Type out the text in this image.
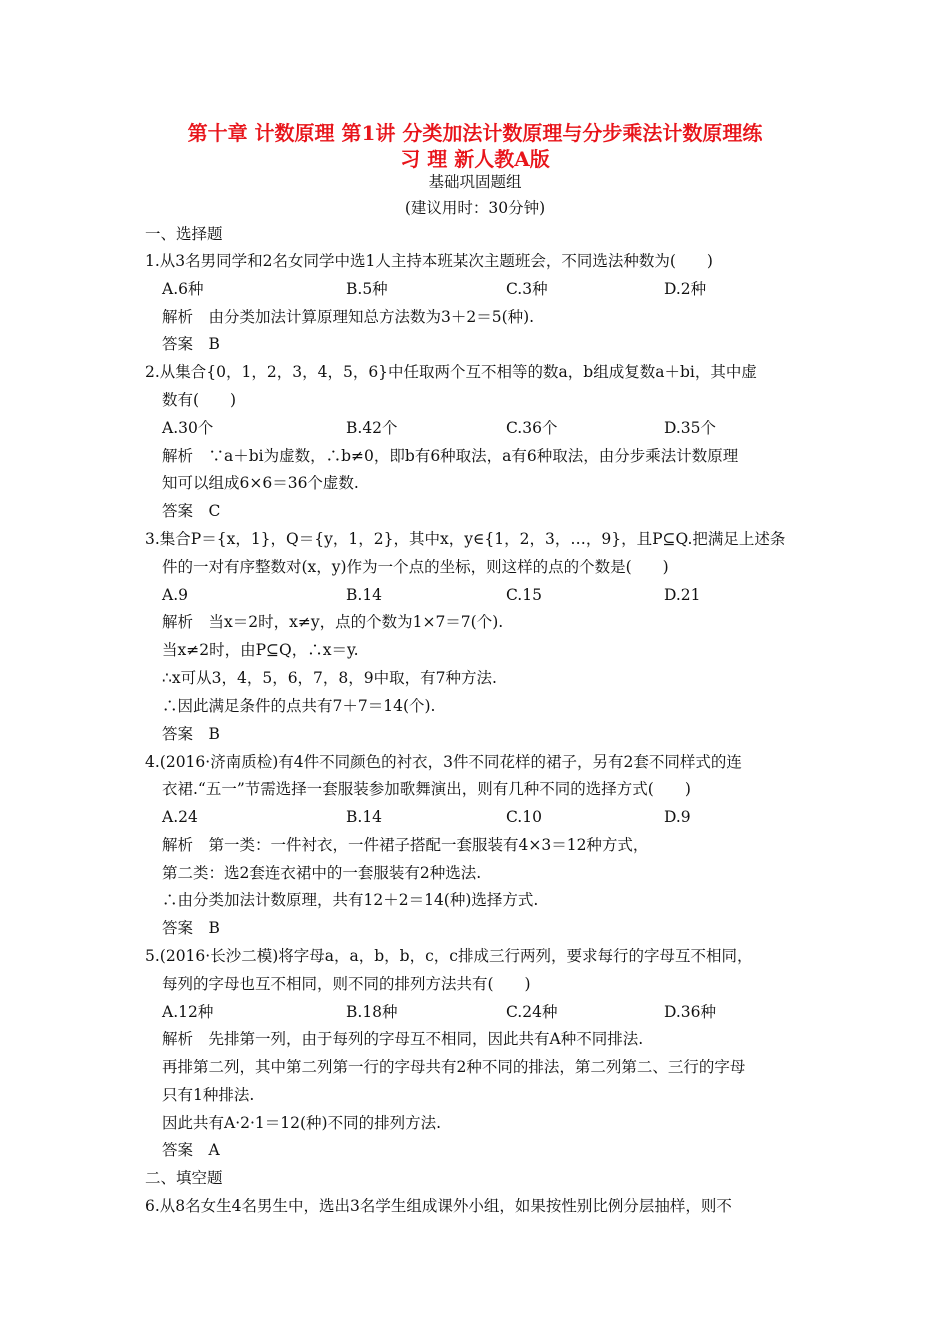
第十章 计数原理 第1讲 分类加法计数原理与分步乘法计数原理练
习 理 新人教A版
基础巩固题组
(建议用时：30分钟)
一、选择题
1.从3名男同学和2名女同学中选1人主持本班某次主题班会，不同选法种数为(　　)
A.6种	B.5种	C.3种	D.2种
解析　由分类加法计算原理知总方法数为3＋2＝5(种).
答案　B
2.从集合{0，1，2，3，4，5，6}中任取两个互不相等的数a，b组成复数a＋bi，其中虚
数有(　　)
A.30个	B.42个	C.36个	D.35个
解析　∵a＋bi为虚数，∴b≠0，即b有6种取法，a有6种取法，由分步乘法计数原理
知可以组成6×6＝36个虚数.
答案　C
3.集合P＝{x，1}，Q＝{y，1，2}，其中x，y∈{1，2，3，…，9}，且P⊆Q.把满足上述条
件的一对有序整数对(x，y)作为一个点的坐标，则这样的点的个数是(　　)
A.9	B.14	C.15	D.21
解析　当x＝2时，x≠y，点的个数为1×7＝7(个).
当x≠2时，由P⊆Q，∴x＝y.
∴x可从3，4，5，6，7，8，9中取，有7种方法.
∴因此满足条件的点共有7＋7＝14(个).
答案　B
4.(2016·济南质检)有4件不同颜色的衬衣，3件不同花样的裙子，另有2套不同样式的连
衣裙.“五一”节需选择一套服装参加歌舞演出，则有几种不同的选择方式(　　)
A.24	B.14	C.10	D.9
解析　第一类：一件衬衣，一件裙子搭配一套服装有4×3＝12种方式，
第二类：选2套连衣裙中的一套服装有2种选法.
∴由分类加法计数原理，共有12＋2＝14(种)选择方式.
答案　B
5.(2016·长沙二模)将字母a，a，b，b，c，c排成三行两列，要求每行的字母互不相同，
每列的字母也互不相同，则不同的排列方法共有(　　)
A.12种	B.18种	C.24种	D.36种
解析　先排第一列，由于每列的字母互不相同，因此共有A种不同排法.
再排第二列，其中第二列第一行的字母共有2种不同的排法，第二列第二、三行的字母
只有1种排法.
因此共有A·2·1＝12(种)不同的排列方法.
答案　A
二、填空题
6.从8名女生4名男生中，选出3名学生组成课外小组，如果按性别比例分层抽样，则不
